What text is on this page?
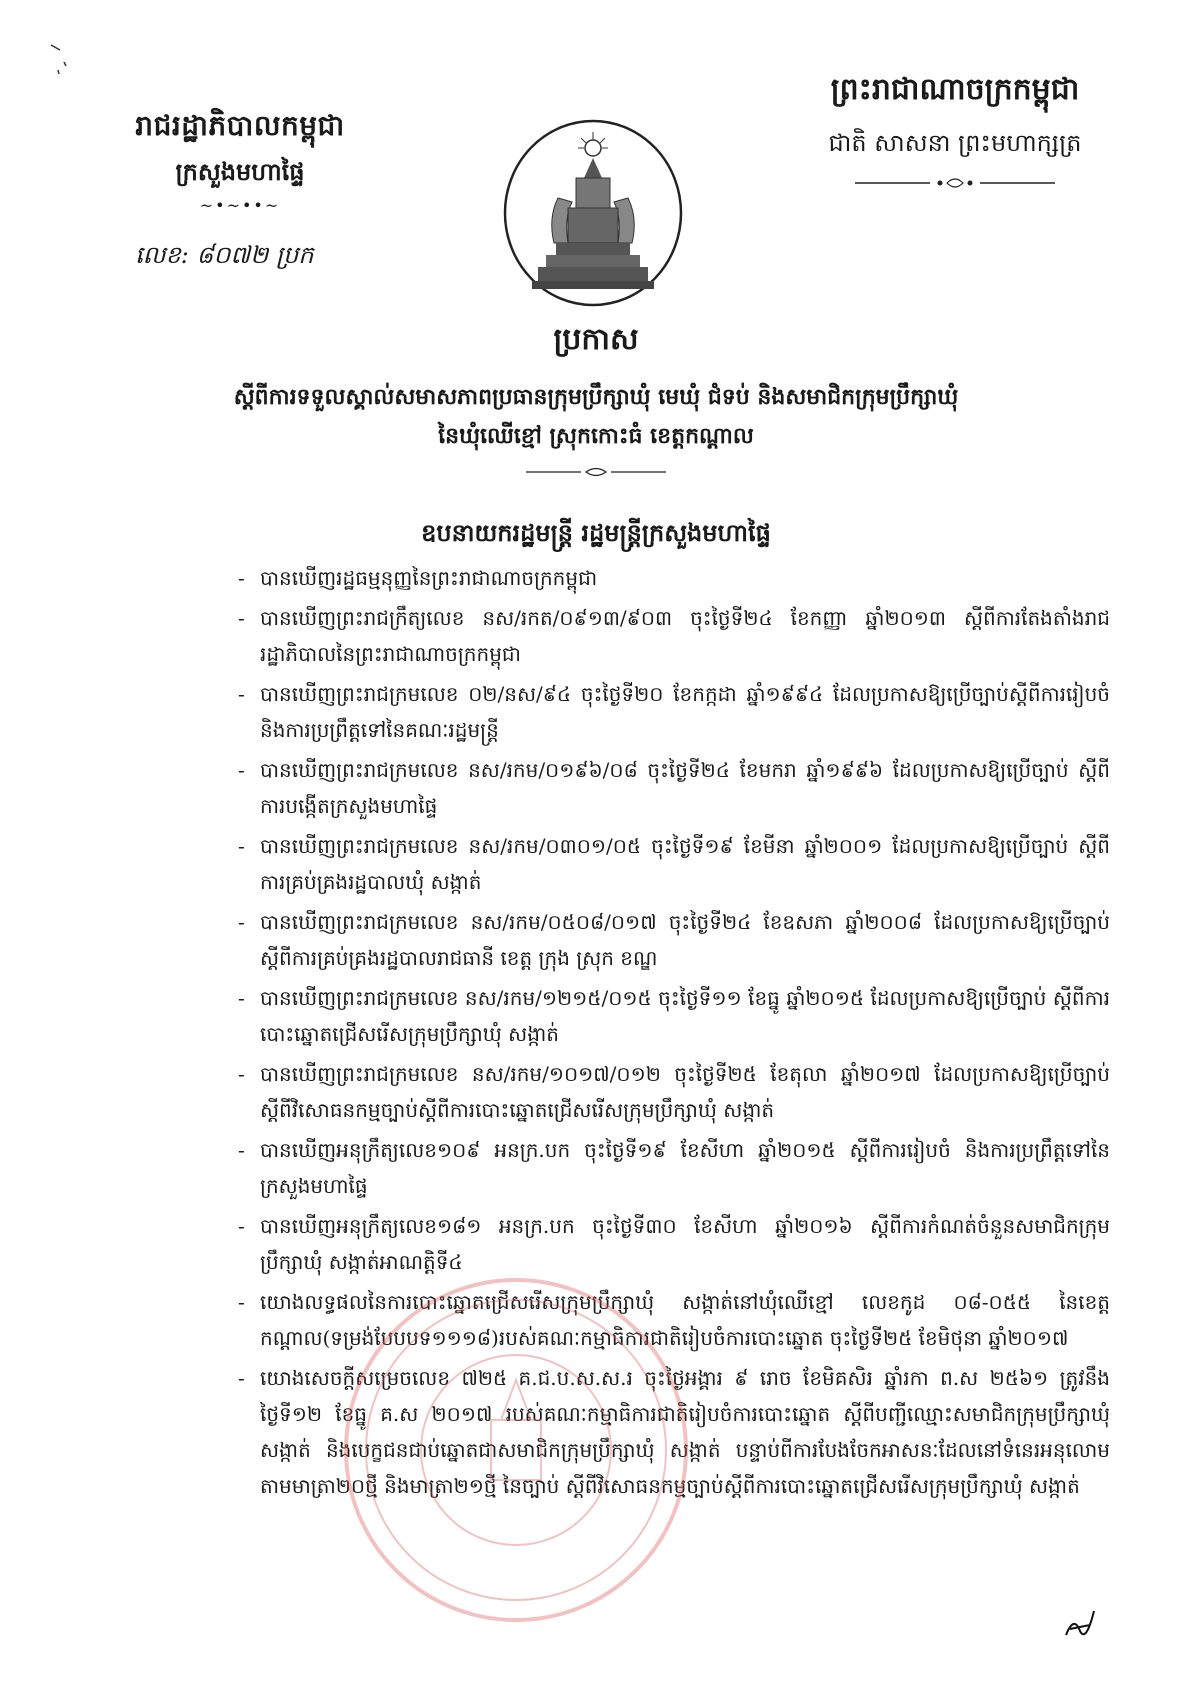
រាជរដ្ឋាភិបាលកម្ពុជា
ក្រសួងមហាផ្ទៃ
~•~••~
លេខ: ៨០៧២ ប្រក
ព្រះរាជាណាចក្រកម្ពុជា
ជាតិ សាសនា ព្រះមហាក្សត្រ
ប្រកាស
ស្តីពីការទទួលស្គាល់សមាសភាពប្រធានក្រុមប្រឹក្សាឃុំ មេឃុំ ជំទប់ និងសមាជិកក្រុមប្រឹក្សាឃុំ
នៃឃុំឈើខ្មៅ ស្រុកកោះធំ ខេត្តកណ្តាល
ឧបនាយករដ្ឋមន្ត្រី រដ្ឋមន្ត្រីក្រសួងមហាផ្ទៃ
- បានឃើញរដ្ឋធម្មនុញ្ញនៃព្រះរាជាណាចក្រកម្ពុជា
- បានឃើញព្រះរាជក្រឹត្យលេខ នស/រកត/០៩១៣/៩០៣ ចុះថ្ងៃទី២៤ ខែកញ្ញា ឆ្នាំ២០១៣ ស្តីពីការតែងតាំងរាជរដ្ឋាភិបាលនៃព្រះរាជាណាចក្រកម្ពុជា
- បានឃើញព្រះរាជក្រមលេខ ០២/នស/៩៤ ចុះថ្ងៃទី២០ ខែកក្កដា ឆ្នាំ១៩៩៤ ដែលប្រកាសឱ្យប្រើច្បាប់ស្តីពីការរៀបចំ និងការប្រព្រឹត្តទៅនៃគណៈរដ្ឋមន្ត្រី
- បានឃើញព្រះរាជក្រមលេខ នស/រកម/០១៩៦/០៨ ចុះថ្ងៃទី២៤ ខែមករា ឆ្នាំ១៩៩៦ ដែលប្រកាសឱ្យប្រើច្បាប់ ស្តីពីការបង្កើតក្រសួងមហាផ្ទៃ
- បានឃើញព្រះរាជក្រមលេខ នស/រកម/០៣០១/០៥ ចុះថ្ងៃទី១៩ ខែមីនា ឆ្នាំ២០០១ ដែលប្រកាសឱ្យប្រើច្បាប់ ស្តីពីការគ្រប់គ្រងរដ្ឋបាលឃុំ សង្កាត់
- បានឃើញព្រះរាជក្រមលេខ នស/រកម/០៥០៨/០១៧ ចុះថ្ងៃទី២៤ ខែឧសភា ឆ្នាំ២០០៨ ដែលប្រកាសឱ្យប្រើច្បាប់ ស្តីពីការគ្រប់គ្រងរដ្ឋបាលរាជធានី ខេត្ត ក្រុង ស្រុក ខណ្ឌ
- បានឃើញព្រះរាជក្រមលេខ នស/រកម/១២១៥/០១៥ ចុះថ្ងៃទី១១ ខែធ្នូ ឆ្នាំ២០១៥ ដែលប្រកាសឱ្យប្រើច្បាប់ ស្តីពីការបោះឆ្នោតជ្រើសរើសក្រុមប្រឹក្សាឃុំ សង្កាត់
- បានឃើញព្រះរាជក្រមលេខ នស/រកម/១០១៧/០១២ ចុះថ្ងៃទី២៥ ខែតុលា ឆ្នាំ២០១៧ ដែលប្រកាសឱ្យប្រើច្បាប់ ស្តីពីវិសោធនកម្មច្បាប់ស្តីពីការបោះឆ្នោតជ្រើសរើសក្រុមប្រឹក្សាឃុំ សង្កាត់
- បានឃើញអនុក្រឹត្យលេខ១០៩ អនក្រ.បក ចុះថ្ងៃទី១៩ ខែសីហា ឆ្នាំ២០១៥ ស្តីពីការរៀបចំ និងការប្រព្រឹត្តទៅនៃក្រសួងមហាផ្ទៃ
- បានឃើញអនុក្រឹត្យលេខ១៨១ អនក្រ.បក ចុះថ្ងៃទី៣០ ខែសីហា ឆ្នាំ២០១៦ ស្តីពីការកំណត់ចំនួនសមាជិកក្រុមប្រឹក្សាឃុំ សង្កាត់អាណត្តិទី៤
- យោងលទ្ធផលនៃការបោះឆ្នោតជ្រើសរើសក្រុមប្រឹក្សាឃុំ សង្កាត់នៅឃុំឈើខ្មៅ លេខកូដ ០៨-០៥៥ នៃខេត្តកណ្តាល(ទម្រង់បែបបទ១១១៨)របស់គណៈកម្មាធិការជាតិរៀបចំការបោះឆ្នោត ចុះថ្ងៃទី២៥ ខែមិថុនា ឆ្នាំ២០១៧
- យោងសេចក្តីសម្រេចលេខ ៧២៥ គ.ជ.ប.ស.ស.រ ចុះថ្ងៃអង្គារ ៩ រោច ខែមិគសិរ ឆ្នាំរកា ព.ស ២៥៦១ ត្រូវនឹងថ្ងៃទី១២ ខែធ្នូ គ.ស ២០១៧ របស់គណៈកម្មាធិការជាតិរៀបចំការបោះឆ្នោត ស្តីពីបញ្ជីឈ្មោះសមាជិកក្រុមប្រឹក្សាឃុំ សង្កាត់ និងបេក្ខជនជាប់ឆ្នោតជាសមាជិកក្រុមប្រឹក្សាឃុំ សង្កាត់ បន្ទាប់ពីការបែងចែកអាសនៈដែលនៅទំនេរអនុលោមតាមមាត្រា២០ថ្មី និងមាត្រា២១ថ្មី នៃច្បាប់ ស្តីពីវិសោធនកម្មច្បាប់ស្តីពីការបោះឆ្នោតជ្រើសរើសក្រុមប្រឹក្សាឃុំ សង្កាត់
